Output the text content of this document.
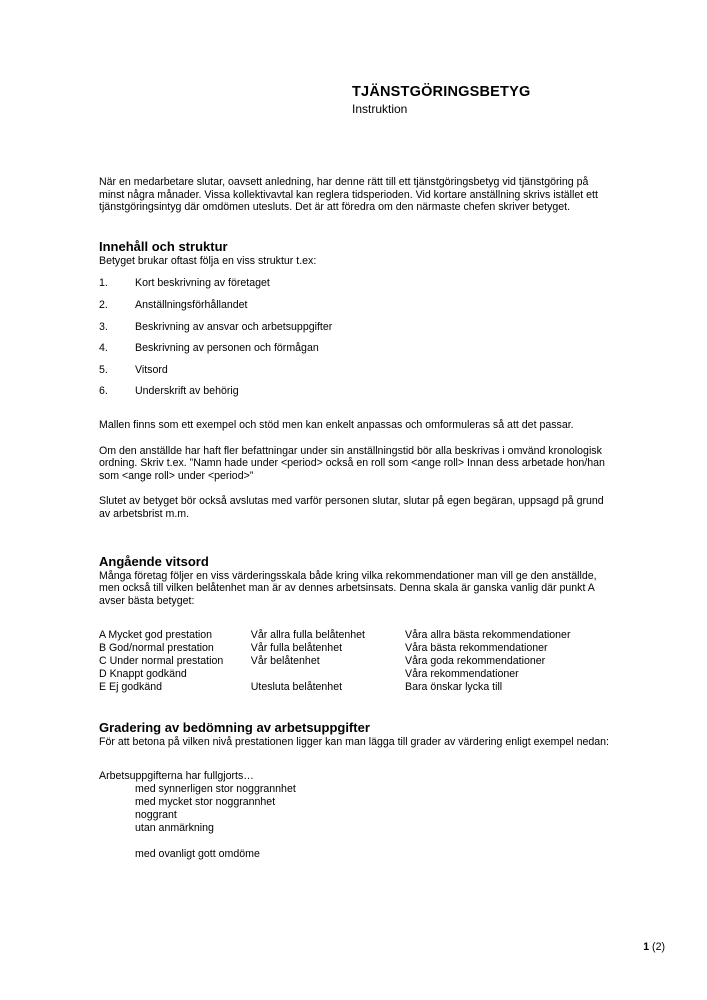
TJÄNSTGÖRINGSBETYG
Instruktion

När en medarbetare slutar, oavsett anledning, har denne rätt till ett tjänstgöringsbetyg vid tjänstgöring på minst några månader. Vissa kollektivavtal kan reglera tidsperioden. Vid kortare anställning skrivs istället ett tjänstgöringsintyg där omdömen utesluts. Det är att föredra om den närmaste chefen skriver betyget.

Innehåll och struktur

Betyget brukar oftast följa en viss struktur t.ex:

1.	Kort beskrivning av företaget
2.	Anställningsförhållandet
3.	Beskrivning av ansvar och arbetsuppgifter
4.	Beskrivning av personen och förmågan
5.	Vitsord
6.	Underskrift av behörig

Mallen finns som ett exempel och stöd men kan enkelt anpassas och omformuleras så att det passar.

Om den anställde har haft fler befattningar under sin anställningstid bör alla beskrivas i omvänd kronologisk ordning. Skriv t.ex. ”Namn hade under <period> också en roll som <ange roll> Innan dess arbetade hon/han som <ange roll> under <period>”

Slutet av betyget bör också avslutas med varför personen slutar, slutar på egen begäran, uppsagd på grund av arbetsbrist m.m.

Angående vitsord

Många företag följer en viss värderingsskala både kring vilka rekommendationer man vill ge den anställde, men också till vilken belåtenhet man är av dennes arbetsinsats. Denna skala är ganska vanlig där punkt A avser bästa betyget:

A Mycket god prestation	Vår allra fulla belåtenhet	Våra allra bästa rekommendationer
B God/normal prestation	Vår fulla belåtenhet	Våra bästa rekommendationer
C Under normal prestation	Vår belåtenhet	Våra goda rekommendationer
D Knappt godkänd		Våra rekommendationer
E Ej godkänd	Utesluta belåtenhet	Bara önskar lycka till
Gradering av bedömning av arbetsuppgifter

För att betona på vilken nivå prestationen ligger kan man lägga till grader av värdering enligt exempel nedan:

Arbetsuppgifterna har fullgjorts…

med synnerligen stor noggrannhet
med mycket stor noggrannhet
noggrant
utan anmärkning
med ovanligt gott omdöme
1 (2)
